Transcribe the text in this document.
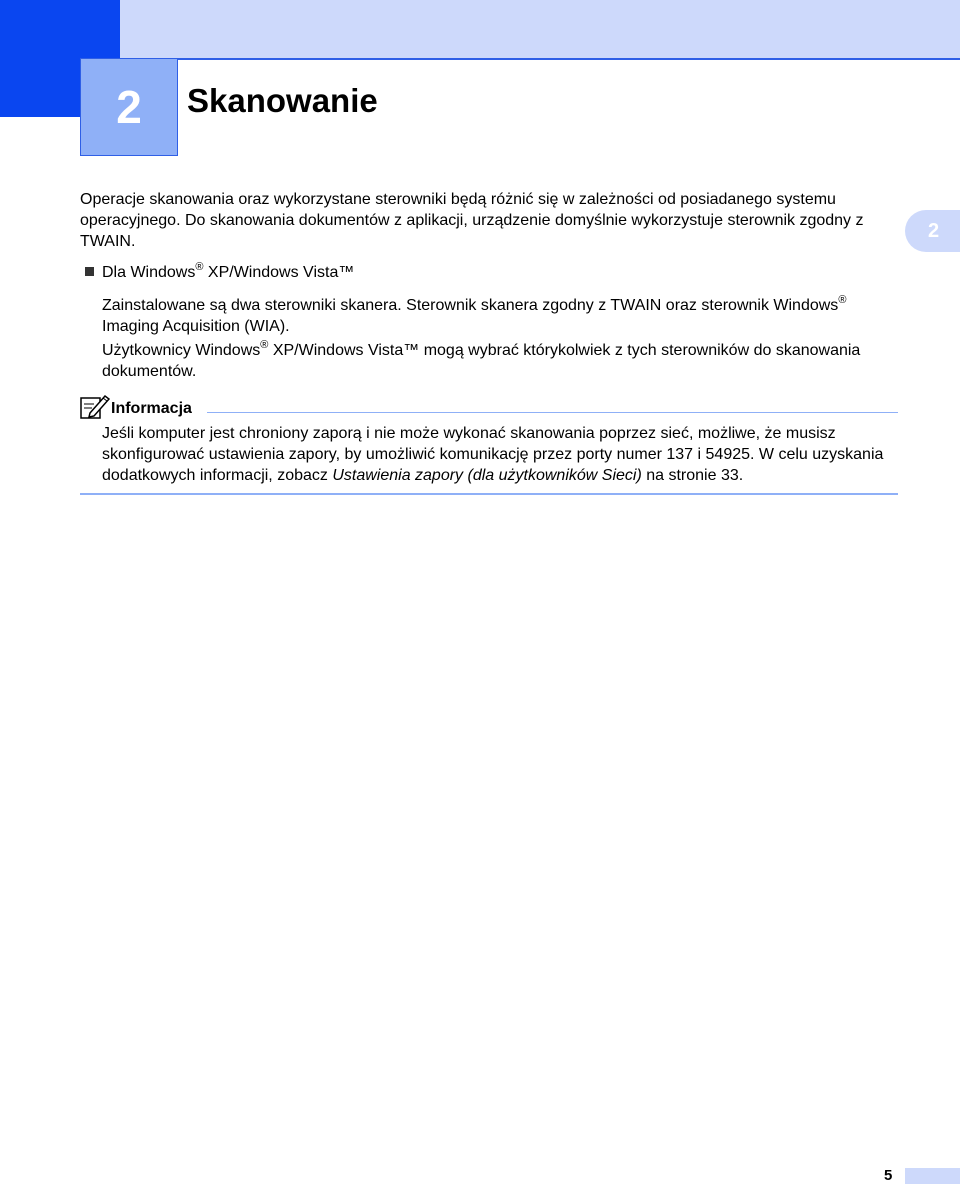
2 Skanowanie
2
Operacje skanowania oraz wykorzystane sterowniki będą różnić się w zależności od posiadanego systemu operacyjnego. Do skanowania dokumentów z aplikacji, urządzenie domyślnie wykorzystuje sterownik zgodny z TWAIN.
Dla Windows® XP/Windows Vista™
Zainstalowane są dwa sterowniki skanera. Sterownik skanera zgodny z TWAIN oraz sterownik Windows® Imaging Acquisition (WIA).
Użytkownicy Windows® XP/Windows Vista™ mogą wybrać którykolwiek z tych sterowników do skanowania dokumentów.
Informacja
Jeśli komputer jest chroniony zaporą i nie może wykonać skanowania poprzez sieć, możliwe, że musisz skonfigurować ustawienia zapory, by umożliwić komunikację przez porty numer 137 i 54925. W celu uzyskania dodatkowych informacji, zobacz Ustawienia zapory (dla użytkowników Sieci) na stronie 33.
5
